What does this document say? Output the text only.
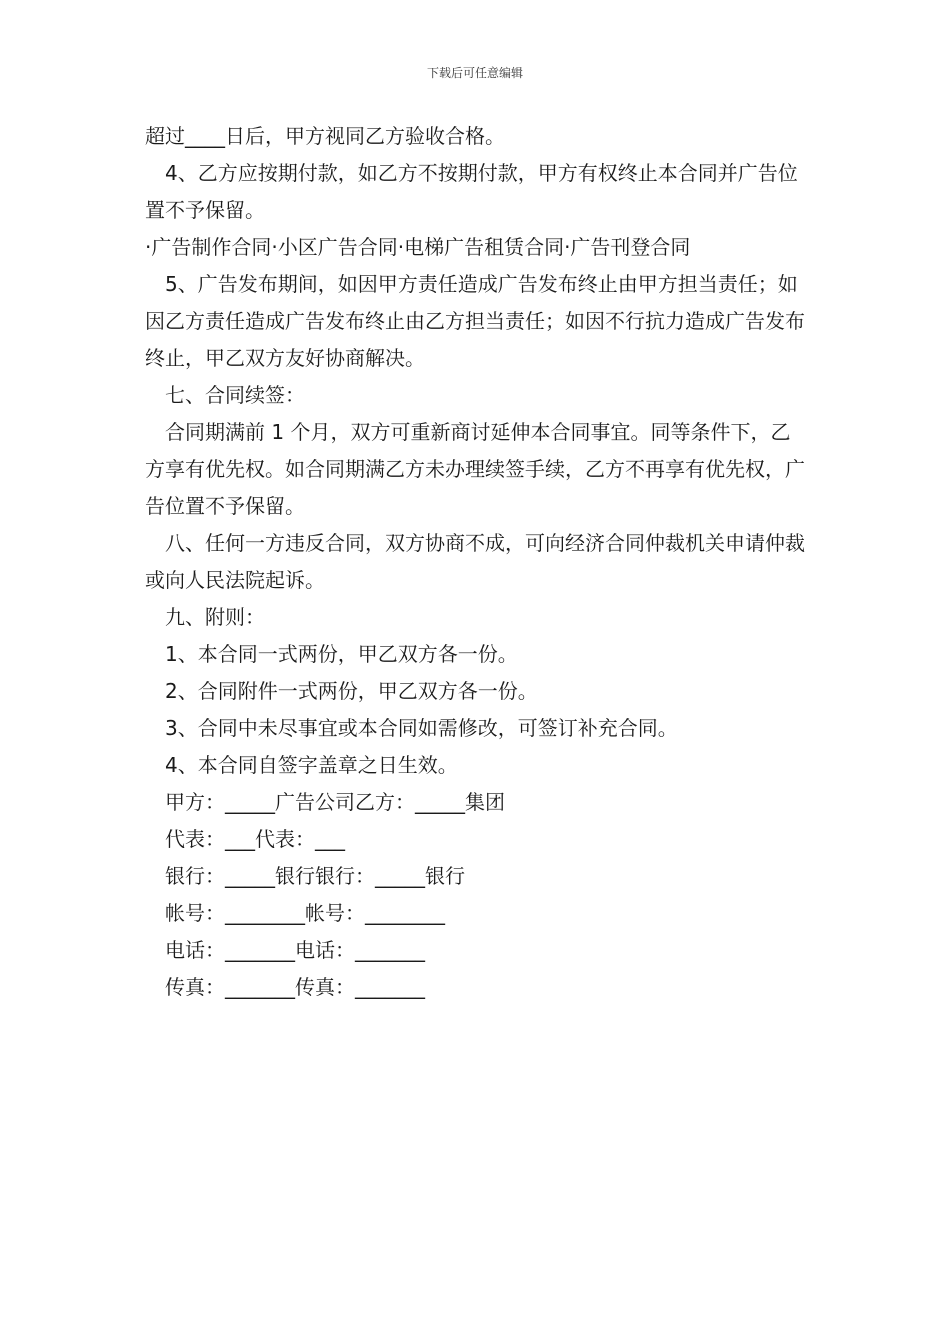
下载后可任意编辑

超过____日后，甲方视同乙方验收合格。

4、乙方应按期付款，如乙方不按期付款，甲方有权终止本合同并广告位置不予保留。

·广告制作合同·小区广告合同·电梯广告租赁合同·广告刊登合同

5、广告发布期间，如因甲方责任造成广告发布终止由甲方担当责任；如因乙方责任造成广告发布终止由乙方担当责任；如因不行抗力造成广告发布终止，甲乙双方友好协商解决。

七、合同续签：

合同期满前 1 个月，双方可重新商讨延伸本合同事宜。同等条件下，乙方享有优先权。如合同期满乙方未办理续签手续，乙方不再享有优先权，广告位置不予保留。

八、任何一方违反合同，双方协商不成，可向经济合同仲裁机关申请仲裁或向人民法院起诉。

九、附则：

1、本合同一式两份，甲乙双方各一份。

2、合同附件一式两份，甲乙双方各一份。

3、合同中未尽事宜或本合同如需修改，可签订补充合同。

4、本合同自签字盖章之日生效。

甲方：_____广告公司乙方：_____集团

代表：___代表：___

银行：_____银行银行：_____银行

帐号：________帐号：________

电话：_______电话：_______

传真：_______传真：_______
